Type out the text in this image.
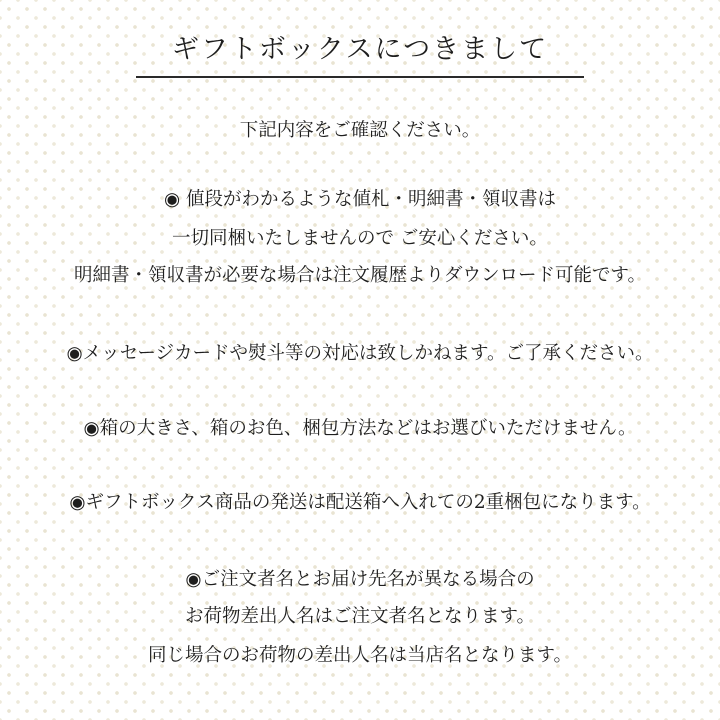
ギフトボックスにつきまして
下記内容をご確認ください。
◉ 値段がわかるような値札・明細書・領収書は
一切同梱いたしませんので ご安心ください。
明細書・領収書が必要な場合は注文履歴よりダウンロード可能です。
◉メッセージカードや熨斗等の対応は致しかねます。ご了承ください。
◉箱の大きさ、箱のお色、梱包方法などはお選びいただけません。
◉ギフトボックス商品の発送は配送箱へ入れての2重梱包になります。
◉ご注文者名とお届け先名が異なる場合の
お荷物差出人名はご注文者名となります。
同じ場合のお荷物の差出人名は当店名となります。
